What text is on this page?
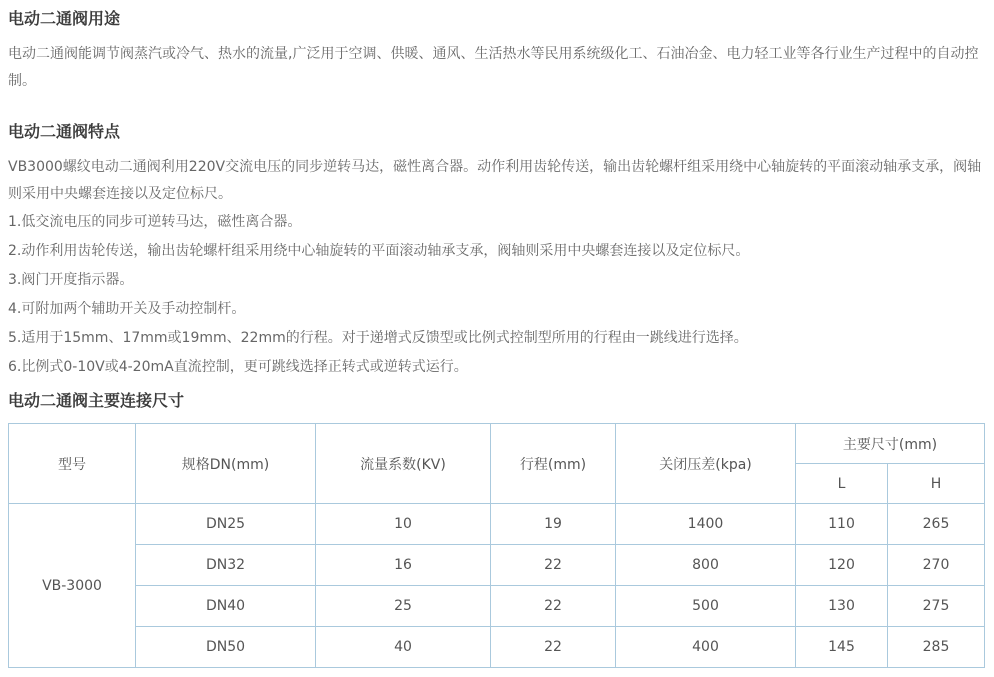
电动二通阀用途

电动二通阀能调节阀蒸汽或冷气、热水的流量,广泛用于空调、供暖、通风、生活热水等民用系统级化工、石油冶金、电力轻工业等各行业生产过程中的自动控制。

电动二通阀特点

VB3000螺纹电动二通阀利用220V交流电压的同步逆转马达，磁性离合器。动作利用齿轮传送，输出齿轮螺杆组采用绕中心轴旋转的平面滚动轴承支承，阀轴则采用中央螺套连接以及定位标尺。

1.低交流电压的同步可逆转马达，磁性离合器。

2.动作利用齿轮传送，输出齿轮螺杆组采用绕中心轴旋转的平面滚动轴承支承，阀轴则采用中央螺套连接以及定位标尺。

3.阀门开度指示器。

4.可附加两个辅助开关及手动控制杆。

5.适用于15mm、17mm或19mm、22mm的行程。对于递增式反馈型或比例式控制型所用的行程由一跳线进行选择。

6.比例式0-10V或4-20mA直流控制，更可跳线选择正转式或逆转式运行。

电动二通阀主要连接尺寸
型号	规格DN(mm)	流量系数(KV)	行程(mm)	关闭压差(kpa)	主要尺寸(mm)	
					L	H
VB-3000	DN25	10	19	1400	110	265
	DN32	16	22	800	120	270
	DN40	25	22	500	130	275
	DN50	40	22	400	145	285
